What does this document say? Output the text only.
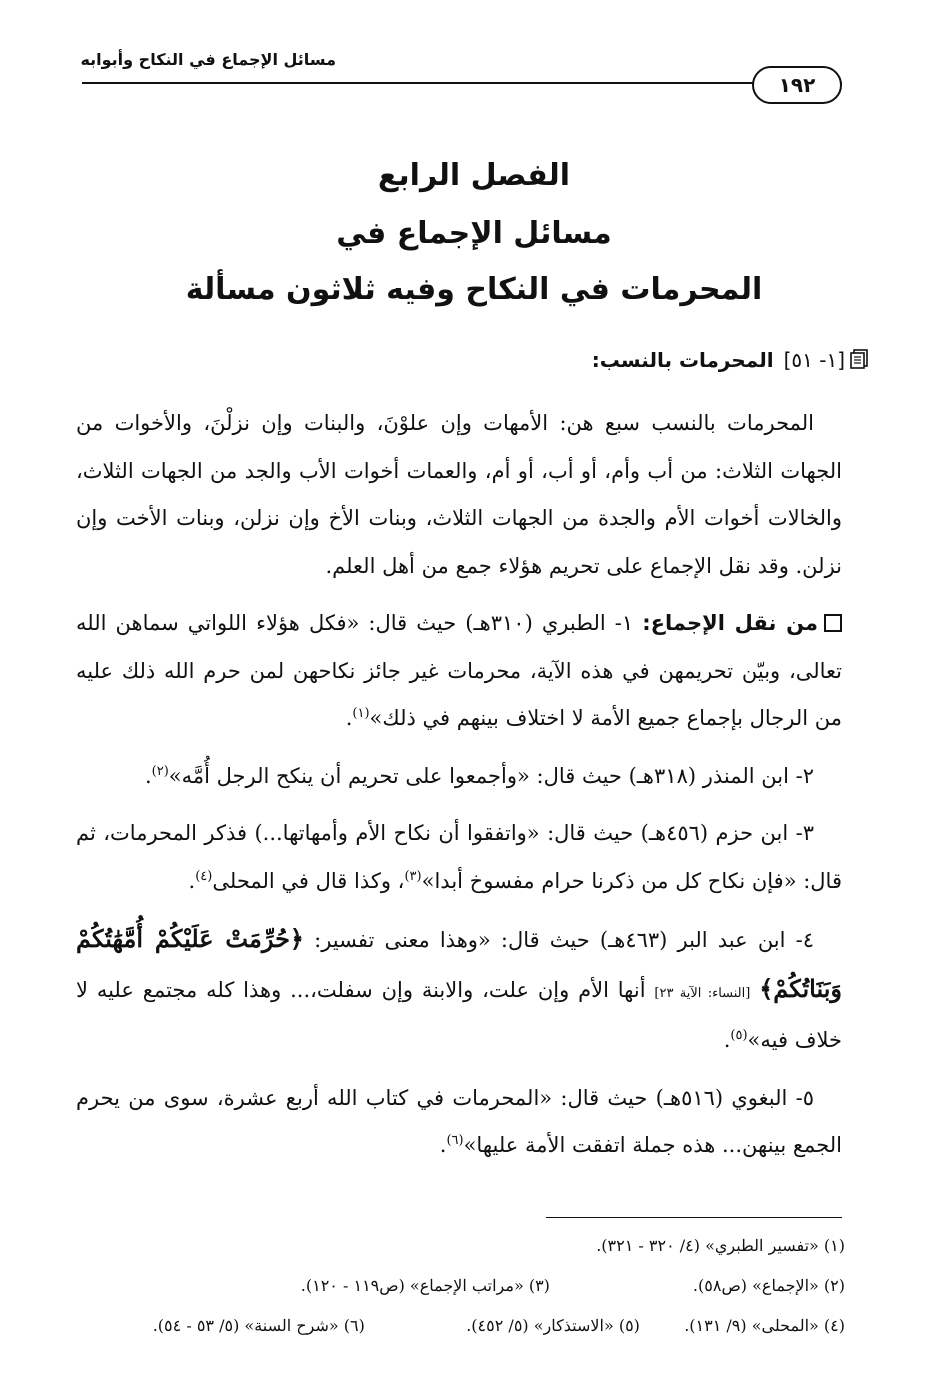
مسائل الإجماع في النكاح وأبوابه
١٩٢
الفصل الرابع
مسائل الإجماع في
المحرمات في النكاح وفيه ثلاثون مسألة
[١- ٥١]
المحرمات بالنسب:

المحرمات بالنسب سبع هن: الأمهات وإن علوْنَ، والبنات وإن نزلْنَ، والأخوات من الجهات الثلاث: من أب وأم، أو أب، أو أم، والعمات أخوات الأب والجد من الجهات الثلاث، والخالات أخوات الأم والجدة من الجهات الثلاث، وبنات الأخ وإن نزلن، وبنات الأخت وإن نزلن. وقد نقل الإجماع على تحريم هؤلاء جمع من أهل العلم.

من نقل الإجماع: ١- الطبري (٣١٠هـ) حيث قال: «فكل هؤلاء اللواتي سماهن الله تعالى، وبيّن تحريمهن في هذه الآية، محرمات غير جائز نكاحهن لمن حرم الله ذلك عليه من الرجال بإجماع جميع الأمة لا اختلاف بينهم في ذلك»$^{(١)}$.

٢- ابن المنذر (٣١٨هـ) حيث قال: «وأجمعوا على تحريم أن ينكح الرجل أُمَّه»$^{(٢)}$.

٣- ابن حزم (٤٥٦هـ) حيث قال: «واتفقوا أن نكاح الأم وأمهاتها...) فذكر المحرمات، ثم قال: «فإن نكاح كل من ذكرنا حرام مفسوخ أبدا»$^{(٣)}$، وكذا قال في المحلى$^{(٤)}$.

٤- ابن عبد البر (٤٦٣هـ) حيث قال: «وهذا معنى تفسير: ﴿حُرِّمَتْ عَلَيْكُمْ أُمَّهَٰتُكُمْ وَبَنَاتُكُمْ﴾ [النساء: الآية ٢٣] أنها الأم وإن علت، والابنة وإن سفلت،... وهذا كله مجتمع عليه لا خلاف فيه»$^{(٥)}$.

٥- البغوي (٥١٦هـ) حيث قال: «المحرمات في كتاب الله أربع عشرة، سوى من يحرم الجمع بينهن... هذه جملة اتفقت الأمة عليها»$^{(٦)}$.

(١) «تفسير الطبري» (٤/ ٣٢٠ - ٣٢١).
(٢) «الإجماع» (ص٥٨). (٣) «مراتب الإجماع» (ص١١٩ - ١٢٠).
(٤) «المحلى» (٩/ ١٣١). (٥) «الاستذكار» (٥/ ٤٥٢). (٦) «شرح السنة» (٥/ ٥٣ - ٥٤).
